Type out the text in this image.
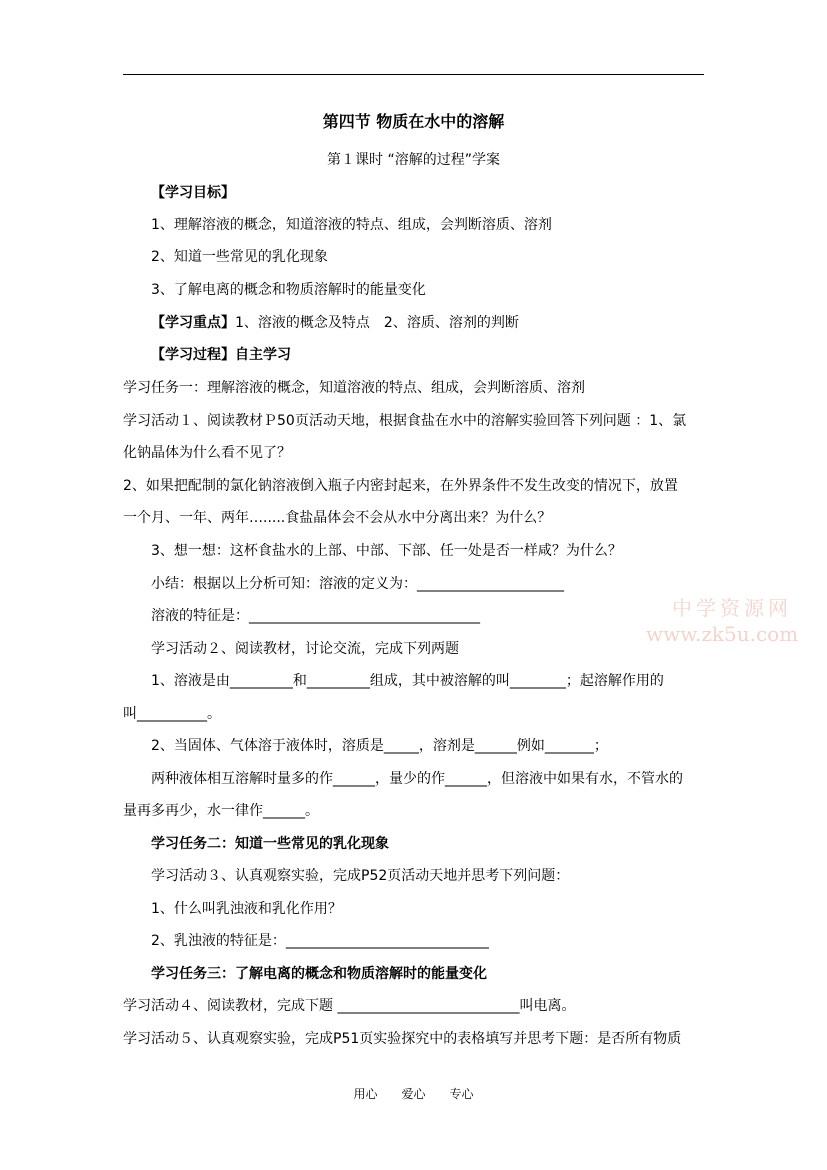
第四节 物质在水中的溶解
第１课时 “溶解的过程”学案
【学习目标】
1、理解溶液的概念，知道溶液的特点、组成，会判断溶质、溶剂
2、知道一些常见的乳化现象
3、了解电离的概念和物质溶解时的能量变化
【学习重点】1、溶液的概念及特点　2、溶质、溶剂的判断
【学习过程】自主学习
学习任务一：理解溶液的概念，知道溶液的特点、组成，会判断溶质、溶剂
学习活动１、阅读教材Ｐ50页活动天地，根据食盐在水中的溶解实验回答下列问题 ：1、氯
化钠晶体为什么看不见了？
2、如果把配制的氯化钠溶液倒入瓶子内密封起来，在外界条件不发生改变的情况下，放置
一个月、一年、两年….....食盐晶体会不会从水中分离出来？为什么？
3、想一想：这杯食盐水的上部、中部、下部、任一处是否一样咸？为什么？
小结：根据以上分析可知：溶液的定义为：_____________________
溶液的特征是：_________________________________
学习活动２、阅读教材，讨论交流，完成下列两题
1、溶液是由_________和_________组成，其中被溶解的叫________；起溶解作用的
叫__________。
2、当固体、气体溶于液体时，溶质是_____，溶剂是______例如_______；
两种液体相互溶解时量多的作______，量少的作______，但溶液中如果有水，不管水的
量再多再少，水一律作______。
学习任务二：知道一些常见的乳化现象
学习活动３、认真观察实验，完成P52页活动天地并思考下列问题：
1、什么叫乳浊液和乳化作用？
2、乳浊液的特征是：_____________________________
学习任务三：了解电离的概念和物质溶解时的能量变化
学习活动４、阅读教材，完成下题 __________________________叫电离。
学习活动５、认真观察实验，完成P51页实验探究中的表格填写并思考下题：是否所有物质
中学资源网
www.zk5u.com
用心　　爱心　　专心
